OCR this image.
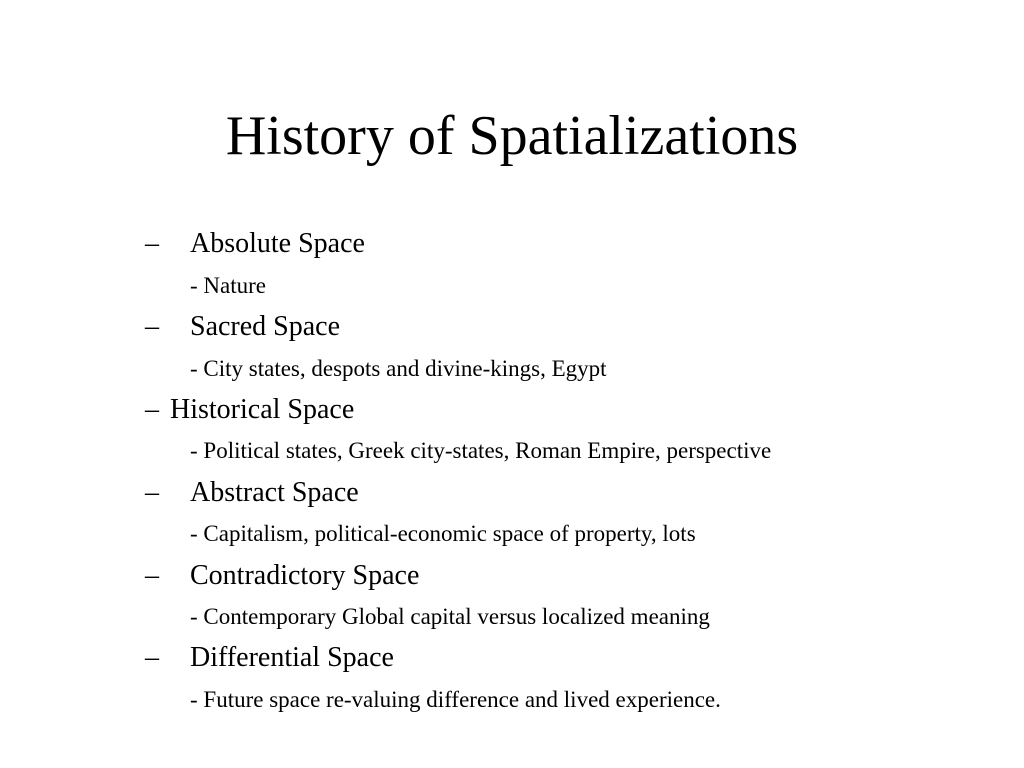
History of Spatializations
– Absolute Space
- Nature
– Sacred Space
- City states, despots and divine-kings, Egypt
– Historical Space
- Political states, Greek city-states, Roman Empire, perspective
– Abstract Space
- Capitalism, political-economic space of property, lots
– Contradictory Space
- Contemporary Global capital versus localized meaning
– Differential Space
- Future space re-valuing difference and lived experience.
